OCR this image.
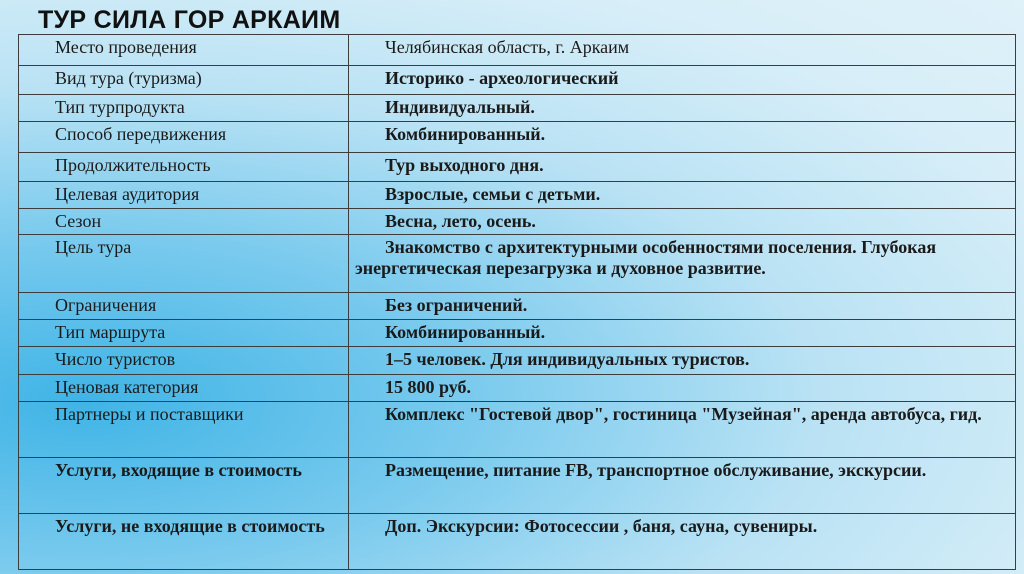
ТУР СИЛА ГОР АРКАИМ
Место проведения	Челябинская область, г. Аркаим

Вид тура (туризма)	Историко - археологический

Тип турпродукта	Индивидуальный.

Способ передвижения	Комбинированный.

Продолжительность	Тур выходного дня.

Целевая аудитория	Взрослые, семьи с детьми.

Сезон	Весна, лето, осень.

Цель тура	Знакомство с архитектурными особенностями поселения. Глубокая энергетическая перезагрузка и духовное развитие.

Ограничения	Без ограничений.

Тип маршрута	Комбинированный.

Число туристов	1–5 человек. Для индивидуальных туристов.

Ценовая категория	15 800 руб.

Партнеры и поставщики	Комплекс "Гостевой двор", гостиница "Музейная", аренда автобуса, гид.

Услуги, входящие в стоимость	Размещение, питание FB, транспортное обслуживание, экскурсии.

Услуги, не входящие в стоимость	Доп. Экскурсии: Фотосессии , баня, сауна, сувениры.
